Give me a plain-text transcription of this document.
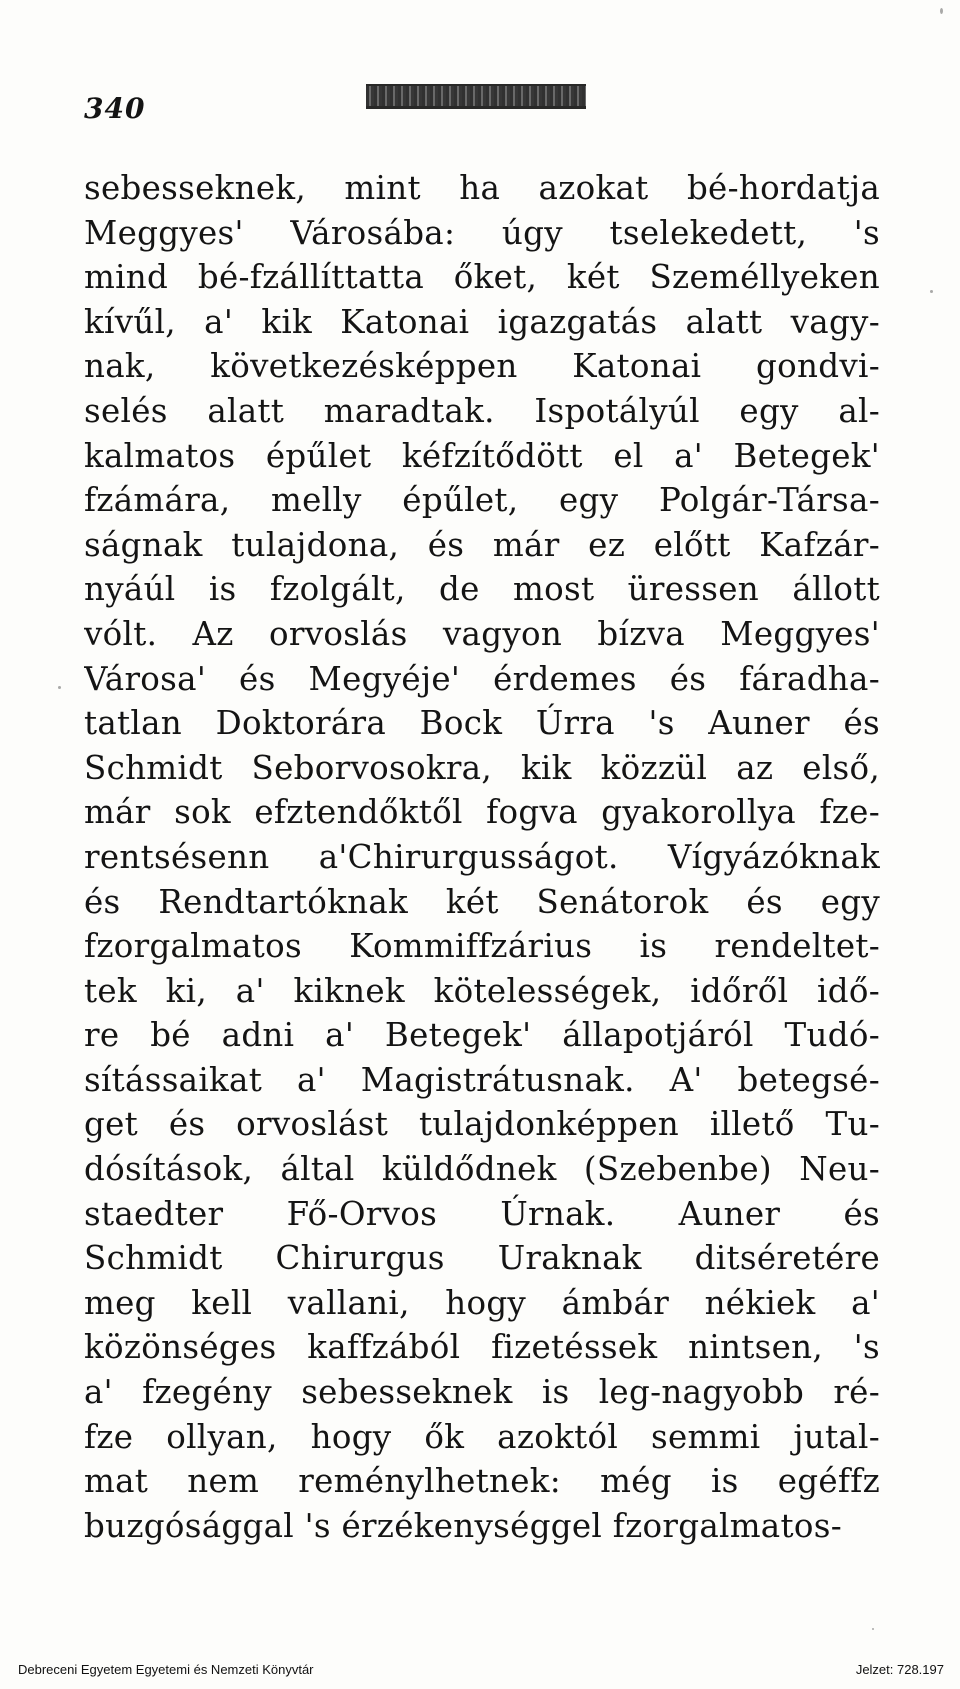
340
sebesseknek, mint ha azokat bé-hordatja
Meggyes' Városába: úgy tselekedett, 's
mind bé-fzállíttatta őket, két Személlyeken
kívűl, a' kik Katonai igazgatás alatt vagy-
nak, következésképpen Katonai gondvi-
selés alatt maradtak. Ispotályúl egy al-
kalmatos épűlet kéfzítődött el a' Betegek'
fzámára, melly épűlet, egy Polgár-Társa-
ságnak tulajdona, és már ez előtt Kafzár-
nyáúl is fzolgált, de most üressen állott
vólt. Az orvoslás vagyon bízva Meggyes'
Városa' és Megyéje' érdemes és fáradha-
tatlan Doktorára Bock Úrra 's Auner és
Schmidt Seborvosokra, kik közzül az első,
már sok efztendőktől fogva gyakorollya fze-
rentsésenn a'Chirurgusságot. Vígyázóknak
és Rendtartóknak két Senátorok és egy
fzorgalmatos Kommiffzárius is rendeltet-
tek ki, a' kiknek kötelességek, időről idő-
re bé adni a' Betegek' állapotjáról Tudó-
sítássaikat a' Magistrátusnak. A' betegsé-
get és orvoslást tulajdonképpen illető Tu-
dósítások, által küldődnek (Szebenbe) Neu-
staedter Fő-Orvos Úrnak. Auner és
Schmidt Chirurgus Uraknak ditséretére
meg kell vallani, hogy ámbár nékiek a'
közönséges kaffzából fizetéssek nintsen, 's
a' fzegény sebesseknek is leg-nagyobb ré-
fze ollyan, hogy ők azoktól semmi jutal-
mat nem reménylhetnek: még is egéffz
buzgósággal 's érzékenységgel fzorgalmatos-
Debreceni Egyetem Egyetemi és Nemzeti Könyvtár	Jelzet: 728.197
